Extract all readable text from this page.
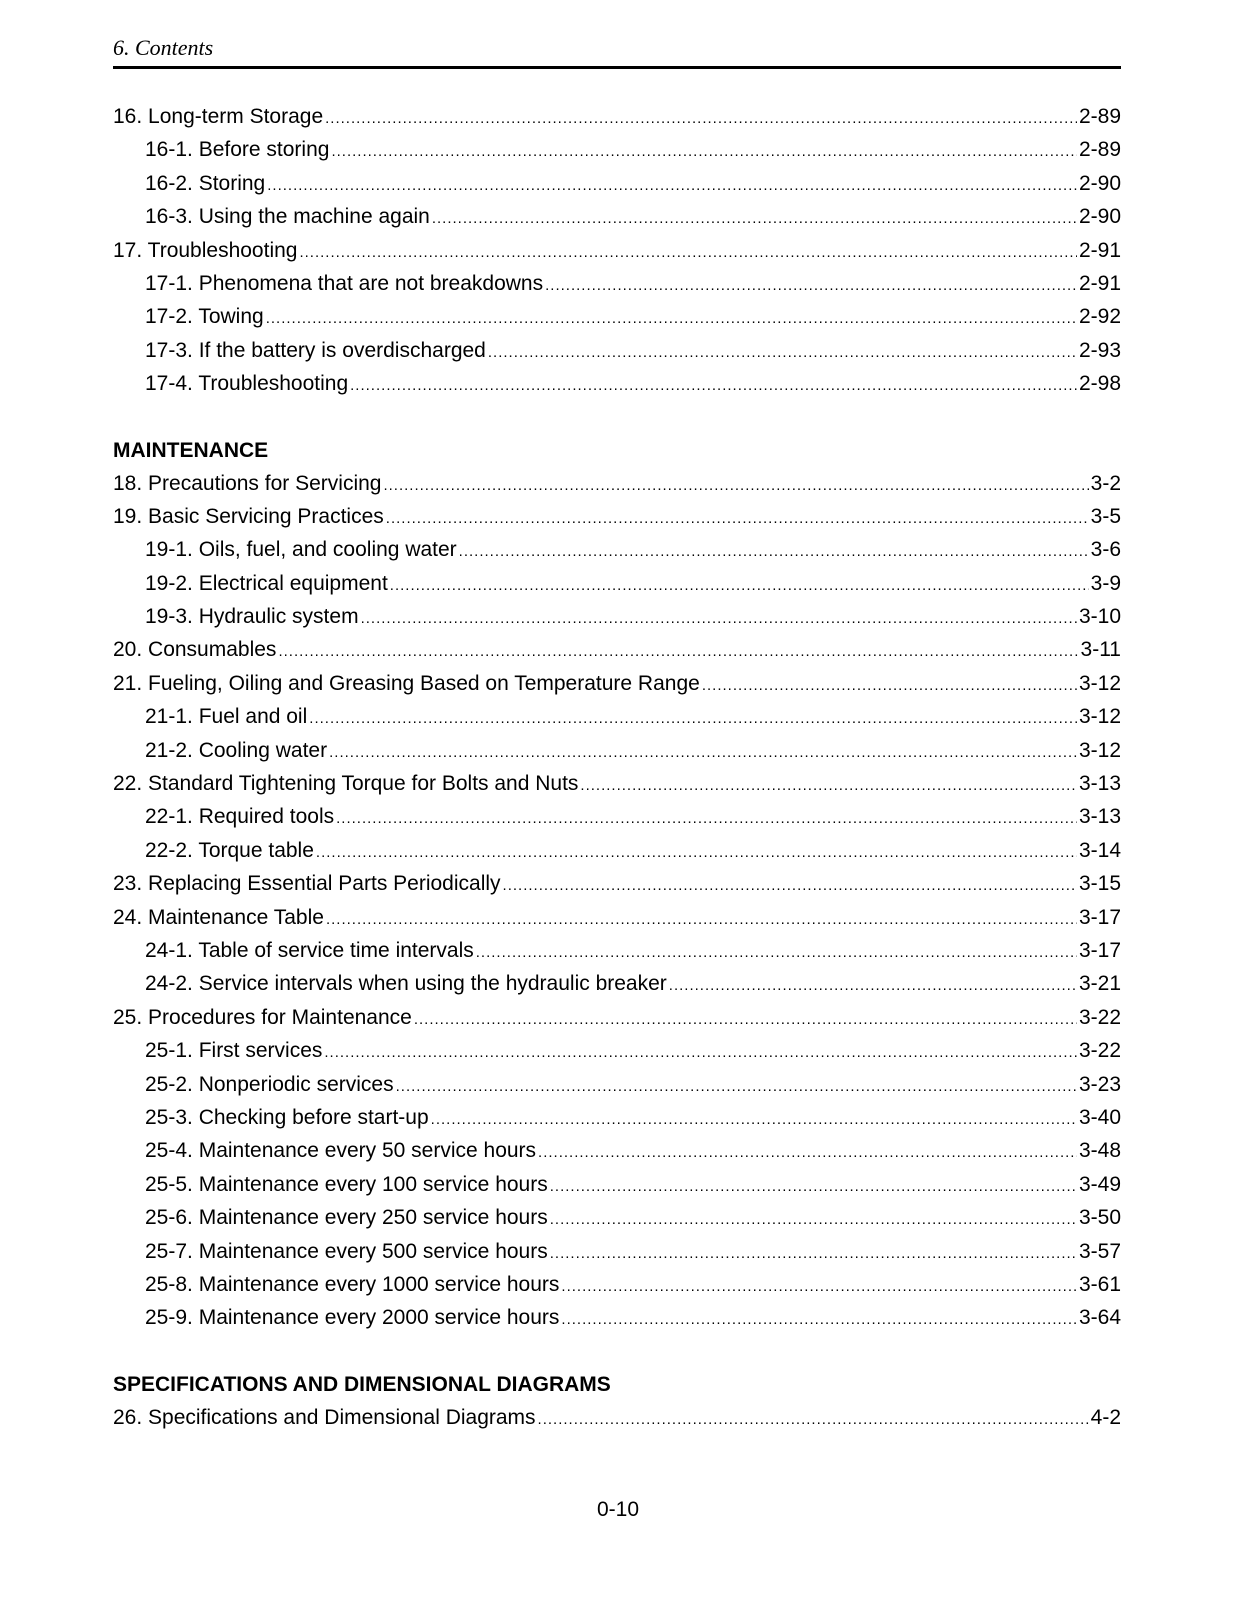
6. Contents
16. Long-term Storage .....	2-89
16-1. Before storing .....	2-89
16-2. Storing .....	2-90
16-3. Using the machine again .....	2-90
17. Troubleshooting .....	2-91
17-1. Phenomena that are not breakdowns .....	2-91
17-2. Towing .....	2-92
17-3. If the battery is overdischarged .....	2-93
17-4. Troubleshooting .....	2-98
MAINTENANCE
18. Precautions for Servicing .....	3-2
19. Basic Servicing Practices .....	3-5
19-1. Oils, fuel, and cooling water .....	3-6
19-2. Electrical equipment .....	3-9
19-3. Hydraulic system .....	3-10
20. Consumables .....	3-11
21. Fueling, Oiling and Greasing Based on Temperature Range .....	3-12
21-1. Fuel and oil .....	3-12
21-2. Cooling water .....	3-12
22. Standard Tightening Torque for Bolts and Nuts .....	3-13
22-1. Required tools .....	3-13
22-2. Torque table .....	3-14
23. Replacing Essential Parts Periodically .....	3-15
24. Maintenance Table .....	3-17
24-1. Table of service time intervals .....	3-17
24-2. Service intervals when using the hydraulic breaker .....	3-21
25. Procedures for Maintenance .....	3-22
25-1. First services .....	3-22
25-2. Nonperiodic services .....	3-23
25-3. Checking before start-up .....	3-40
25-4. Maintenance every 50 service hours .....	3-48
25-5. Maintenance every 100 service hours .....	3-49
25-6. Maintenance every 250 service hours .....	3-50
25-7. Maintenance every 500 service hours .....	3-57
25-8. Maintenance every 1000 service hours .....	3-61
25-9. Maintenance every 2000 service hours .....	3-64
SPECIFICATIONS AND DIMENSIONAL DIAGRAMS
26. Specifications and Dimensional Diagrams .....	4-2
0-10
